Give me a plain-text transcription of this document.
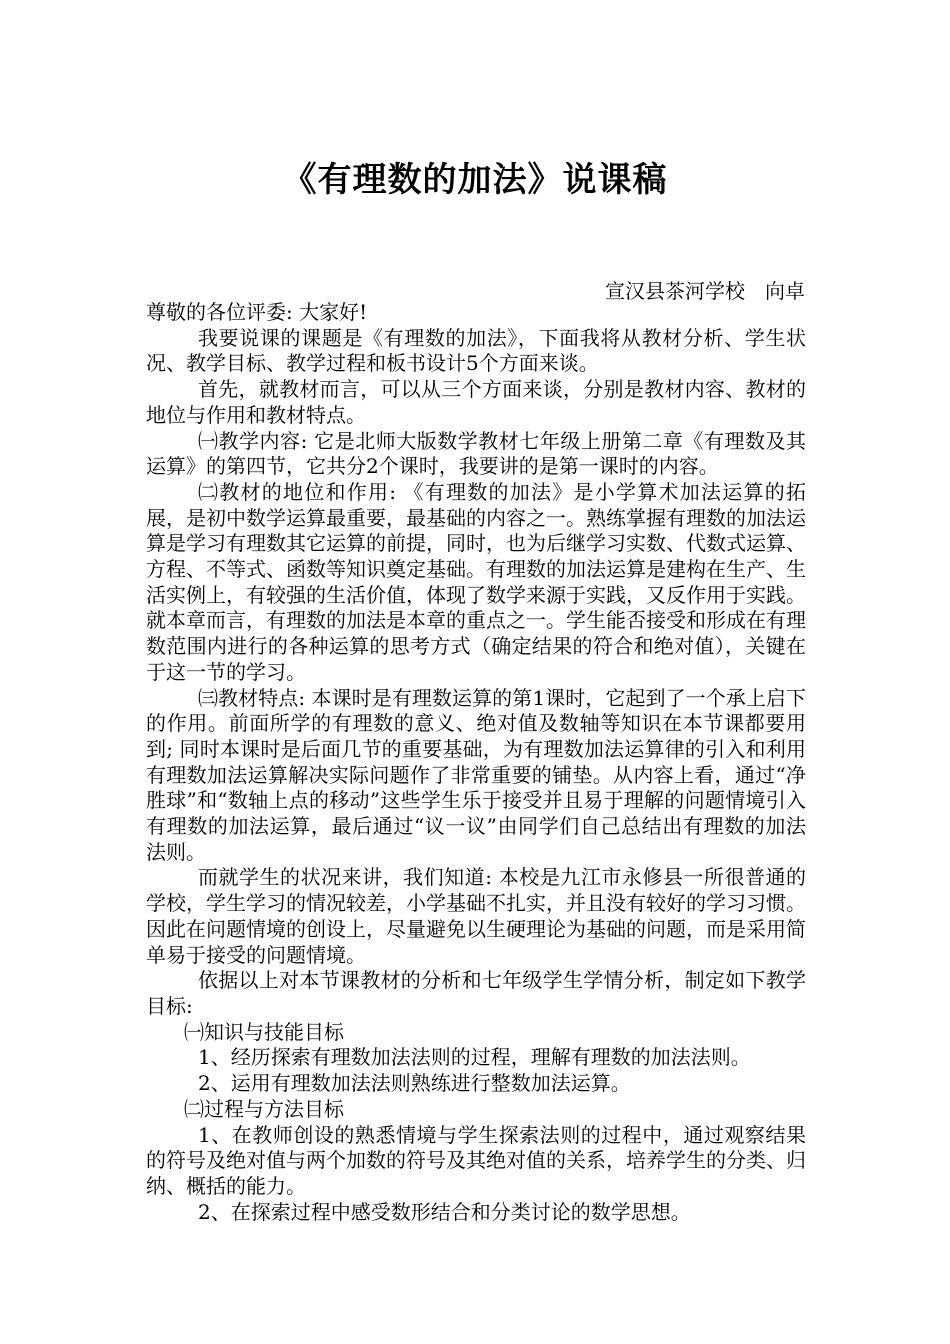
《有理数的加法》说课稿
宣汉县茶河学校　向卓

尊敬的各位评委: 大家好!

我要说课的课题是《有理数的加法》，下面我将从教材分析、学生状况、教学目标、教学过程和板书设计5个方面来谈。

首先，就教材而言，可以从三个方面来谈，分别是教材内容、教材的地位与作用和教材特点。

㈠教学内容: 它是北师大版数学教材七年级上册第二章《有理数及其运算》的第四节，它共分2个课时，我要讲的是第一课时的内容。

㈡教材的地位和作用: 《有理数的加法》是小学算术加法运算的拓展，是初中数学运算最重要，最基础的内容之一。熟练掌握有理数的加法运算是学习有理数其它运算的前提，同时，也为后继学习实数、代数式运算、方程、不等式、函数等知识奠定基础。有理数的加法运算是建构在生产、生活实例上，有较强的生活价值，体现了数学来源于实践，又反作用于实践。就本章而言，有理数的加法是本章的重点之一。学生能否接受和形成在有理数范围内进行的各种运算的思考方式（确定结果的符合和绝对值），关键在于这一节的学习。

㈢教材特点: 本课时是有理数运算的第1课时，它起到了一个承上启下的作用。前面所学的有理数的意义、绝对值及数轴等知识在本节课都要用到; 同时本课时是后面几节的重要基础，为有理数加法运算律的引入和利用有理数加法运算解决实际问题作了非常重要的铺垫。从内容上看，通过“净胜球”和“数轴上点的移动”这些学生乐于接受并且易于理解的问题情境引入有理数的加法运算，最后通过“议一议”由同学们自己总结出有理数的加法法则。

而就学生的状况来讲，我们知道: 本校是九江市永修县一所很普通的学校，学生学习的情况较差，小学基础不扎实，并且没有较好的学习习惯。因此在问题情境的创设上，尽量避免以生硬理论为基础的问题，而是采用简单易于接受的问题情境。

依据以上对本节课教材的分析和七年级学生学情分析，制定如下教学目标:

㈠知识与技能目标

1、经历探索有理数加法法则的过程，理解有理数的加法法则。

2、运用有理数加法法则熟练进行整数加法运算。

㈡过程与方法目标

1、在教师创设的熟悉情境与学生探索法则的过程中，通过观察结果的符号及绝对值与两个加数的符号及其绝对值的关系，培养学生的分类、归纳、概括的能力。

2、在探索过程中感受数形结合和分类讨论的数学思想。
